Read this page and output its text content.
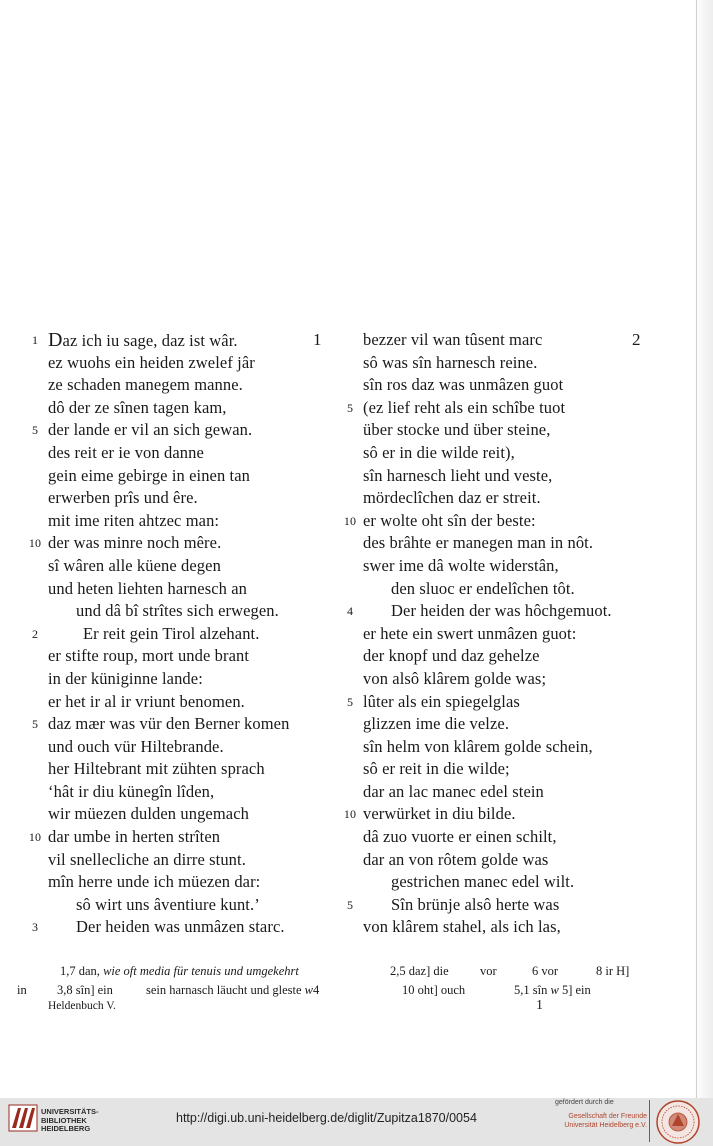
1	2
1 Daz ich iu sage, daz ist wâr.
ez wuohs ein heiden zwelef jâr
ze schaden manegem manne.
dô der ze sînen tagen kam,
5 der lande er vil an sich gewan.
des reit er ie von danne
gein eime gebirge in einen tan
erwerben prîs und êre.
mit ime riten ahtzec man:
10 der was minre noch mêre.
sî wâren alle küene degen
und heten liehten harnesch an
und dâ bî strîtes sich erwegen.
2	Er reit gein Tirol alzehant.
er stifte roup, mort unde brant
in der küniginne lande:
er het ir al ir vriunt benomen.
5 daz mær was vür den Berner komen
und ouch vür Hiltebrande.
her Hiltebrant mit zühten sprach
‘hât ir diu künegîn lîden,
wir müezen dulden ungemach
10 dar umbe in herten strîten
vil snellecliche an dirre stunt.
mîn herre unde ich müezen dar:
sô wirt uns âventiure kunt.’
3 Der heiden was unmâzen starc.
bezzer vil wan tûsent marc
sô was sîn harnesch reine.
sîn ros daz was unmâzen guot
5 (ez lief reht als ein schîbe tuot
über stocke und über steine,
sô er in die wilde reit),
sîn harnesch lieht und veste,
mördeclîchen daz er streit.
10 er wolte oht sîn der beste:
des brâhte er manegen man in nôt.
swer ime dâ wolte widerstân,
den sluoc er endelîchen tôt.
4 Der heiden der was hôchgemuot.
er hete ein swert unmâzen guot:
der knopf und daz gehelze
von alsô klârem golde was;
5 lûter als ein spiegelglas
glizzen ime die velze.
sîn helm von klârem golde schein,
sô er reit in die wilde;
dar an lac manec edel stein
10 verwürket in diu bilde.
dâ zuo vuorte er einen schilt,
dar an von rôtem golde was
gestrichen manec edel wilt.
5 Sîn brünje alsô herte was
von klârem stahel, als ich las,
1,7 dan, wie oft media für tenuis und umgekehrt	2,5 daz] die	vor	6 vor	8 ir H]
in 3,8 sîn] ein	sein harnasch läucht und gleste w4	10 oht] ouch	5,1 sîn w 5] ein
Heldenbuch V.	1
UNIVERSITÄTS-
BIBLIOTHEK
HEIDELBERG
http://digi.ub.uni-heidelberg.de/diglit/Zupitza1870/0054
gefördert durch die
Gesellschaft der Freunde
Universität Heidelberg e.V.
